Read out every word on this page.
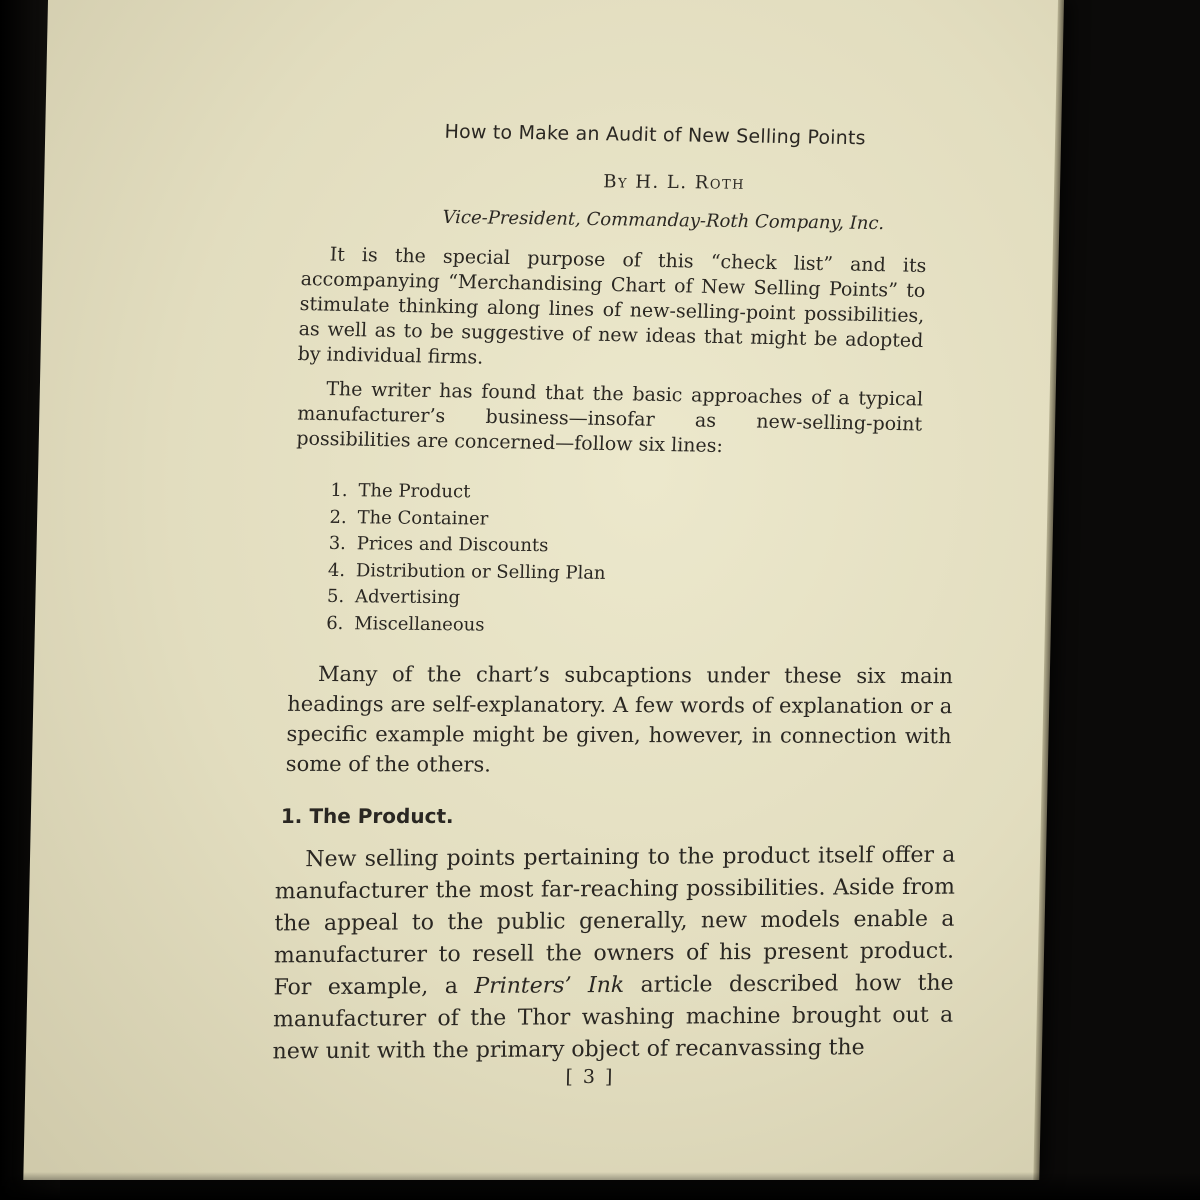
How to Make an Audit of New Selling Points
By H. L. Roth
Vice-President, Commanday-Roth Company, Inc.
It is the special purpose of this “check list” and its accompanying “Merchandising Chart of New Selling Points” to stimulate thinking along lines of new-selling-point possibilities, as well as to be suggestive of new ideas that might be adopted by individual firms.
The writer has found that the basic approaches of a typical manufacturer’s business—insofar as new-selling-point possibilities are concerned—follow six lines:
1. The Product
2. The Container
3. Prices and Discounts
4. Distribution or Selling Plan
5. Advertising
6. Miscellaneous
Many of the chart’s subcaptions under these six main headings are self-explanatory. A few words of explanation or a specific example might be given, however, in connection with some of the others.
1. The Product.
New selling points pertaining to the product itself offer a manufacturer the most far-reaching possibilities. Aside from the appeal to the public generally, new models enable a manufacturer to resell the owners of his present product. For example, a Printers’ Ink article described how the manufacturer of the Thor washing machine brought out a new unit with the primary object of recanvassing the
[ 3 ]
